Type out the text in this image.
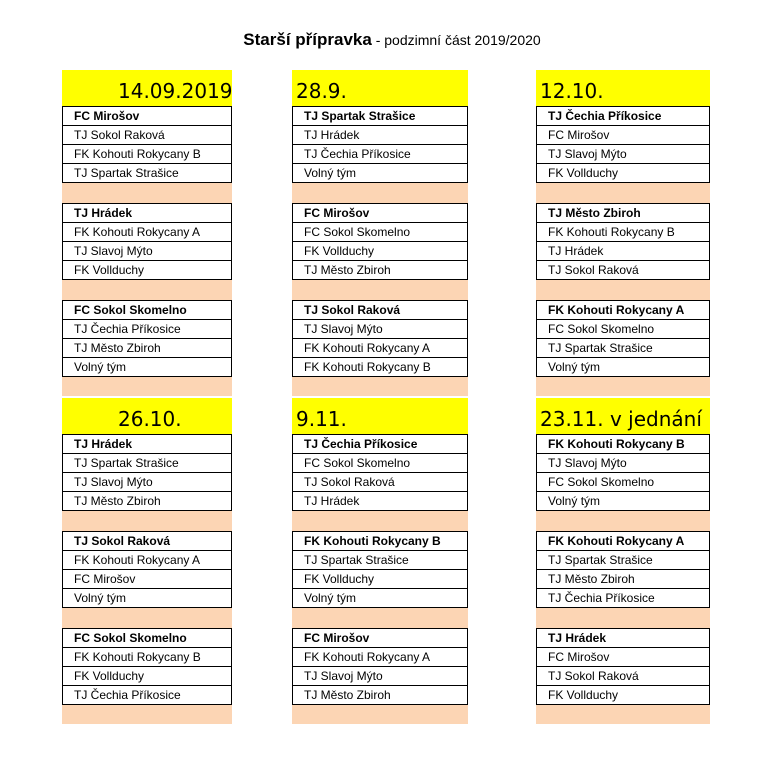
Starší přípravka - podzimní část 2019/2020
14.09.2019
FC Mirošov
TJ Sokol Raková
FK Kohouti Rokycany B
TJ Spartak Strašice
TJ Hrádek
FK Kohouti Rokycany A
TJ Slavoj Mýto
FK Vollduchy
FC Sokol Skomelno
TJ Čechia Příkosice
TJ Město Zbiroh
Volný tým
28.9.
TJ Spartak Strašice
TJ Hrádek
TJ Čechia Příkosice
Volný tým
FC Mirošov
FC Sokol Skomelno
FK Vollduchy
TJ Město Zbiroh
TJ Sokol Raková
TJ Slavoj Mýto
FK Kohouti Rokycany A
FK Kohouti Rokycany B
12.10.
TJ Čechia Příkosice
FC Mirošov
TJ Slavoj Mýto
FK Vollduchy
TJ Město Zbiroh
FK Kohouti Rokycany B
TJ Hrádek
TJ Sokol Raková
FK Kohouti Rokycany A
FC Sokol Skomelno
TJ Spartak Strašice
Volný tým
26.10.
TJ Hrádek
TJ Spartak Strašice
TJ Slavoj Mýto
TJ Město Zbiroh
TJ Sokol Raková
FK Kohouti Rokycany A
FC Mirošov
Volný tým
FC Sokol Skomelno
FK Kohouti Rokycany B
FK Vollduchy
TJ Čechia Příkosice
9.11.
TJ Čechia Příkosice
FC Sokol Skomelno
TJ Sokol Raková
TJ Hrádek
FK Kohouti Rokycany B
TJ Spartak Strašice
FK Vollduchy
Volný tým
FC Mirošov
FK Kohouti Rokycany A
TJ Slavoj Mýto
TJ Město Zbiroh
23.11. v jednání
FK Kohouti Rokycany B
TJ Slavoj Mýto
FC Sokol Skomelno
Volný tým
FK Kohouti Rokycany A
TJ Spartak Strašice
TJ Město Zbiroh
TJ Čechia Příkosice
TJ Hrádek
FC Mirošov
TJ Sokol Raková
FK Vollduchy
